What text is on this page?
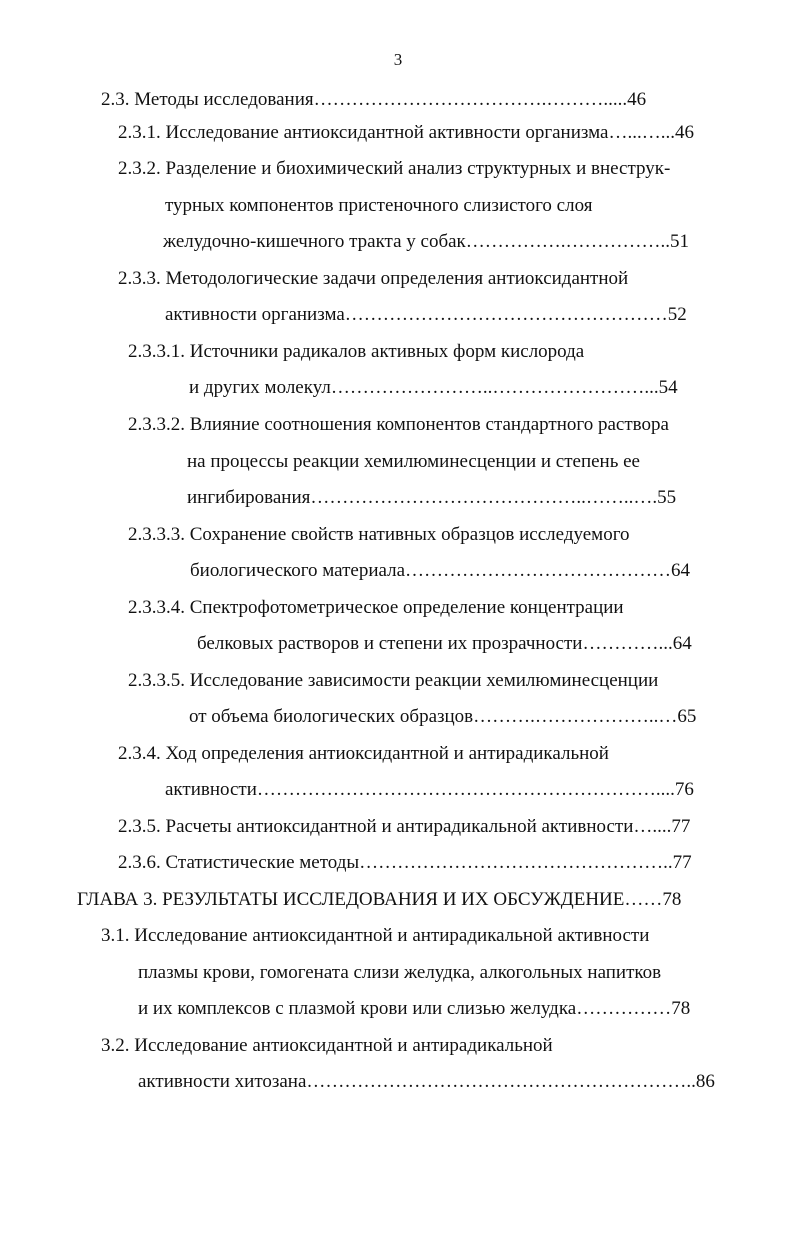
3
2.3. Методы исследования……………………………….……….....46
2.3.1. Исследование антиоксидантной активности организма…...…...46
2.3.2. Разделение и биохимический анализ структурных и внеструк-
турных компонентов пристеночного слизистого слоя
желудочно-кишечного тракта у собак…………….……………..51
2.3.3. Методологические задачи определения антиоксидантной
активности организма……………………………………………52
2.3.3.1. Источники радикалов активных форм кислорода
и других молекул……………………..……………………...54
2.3.3.2. Влияние соотношения компонентов стандартного раствора
на процессы реакции хемилюминесценции и степень ее
ингибирования……………………………………..……..….55
2.3.3.3. Сохранение свойств нативных образцов исследуемого
биологического материала……………………………………64
2.3.3.4. Спектрофотометрическое определение концентрации
белковых растворов и степени их прозрачности…………...64
2.3.3.5. Исследование зависимости реакции хемилюминесценции
от объема биологических образцов……….………………..…65
2.3.4. Ход определения антиоксидантной и антирадикальной
активности………………………………………………………....76
2.3.5. Расчеты антиоксидантной и антирадикальной активности…....77
2.3.6. Статистические методы…………………………………………..77
ГЛАВА 3. РЕЗУЛЬТАТЫ ИССЛЕДОВАНИЯ И ИХ ОБСУЖДЕНИЕ……78
3.1. Исследование антиоксидантной и антирадикальной активности
плазмы крови, гомогената слизи желудка, алкогольных напитков
и их комплексов с плазмой крови или слизью желудка……………78
3.2. Исследование антиоксидантной и антирадикальной
активности хитозана……………………………………………………..86
